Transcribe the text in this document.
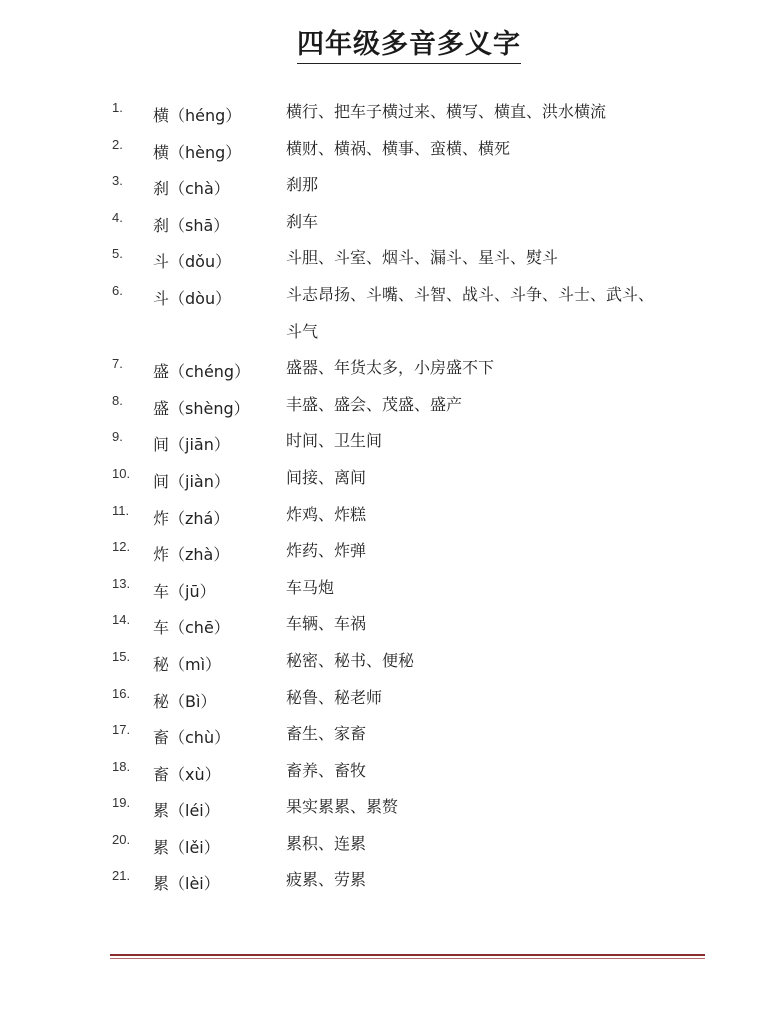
四年级多音多义字
1. 横（héng）	横行、把车子横过来、横写、横直、洪水横流
2. 横（hèng）	横财、横祸、横事、蛮横、横死
3. 刹（chà）	刹那
4. 刹（shā）	刹车
5. 斗（dǒu）	斗胆、斗室、烟斗、漏斗、星斗、熨斗
6. 斗（dòu）	斗志昂扬、斗嘴、斗智、战斗、斗争、斗士、武斗、斗气
7. 盛（chéng） 盛器、年货太多，小房盛不下
8. 盛（shèng） 丰盛、盛会、茂盛、盛产
9. 间（jiān）	时间、卫生间
10. 间（jiàn）	间接、离间
11. 炸（zhá）	炸鸡、炸糕
12. 炸（zhà）	炸药、炸弹
13. 车（jū）	车马炮
14. 车（chē）	车辆、车祸
15. 秘（mì）	秘密、秘书、便秘
16. 秘（Bì）	秘鲁、秘老师
17. 畜（chù）	畜生、家畜
18. 畜（xù）	畜养、畜牧
19. 累（léi）	果实累累、累赘
20. 累（lěi）	累积、连累
21. 累（lèi）	疲累、劳累
